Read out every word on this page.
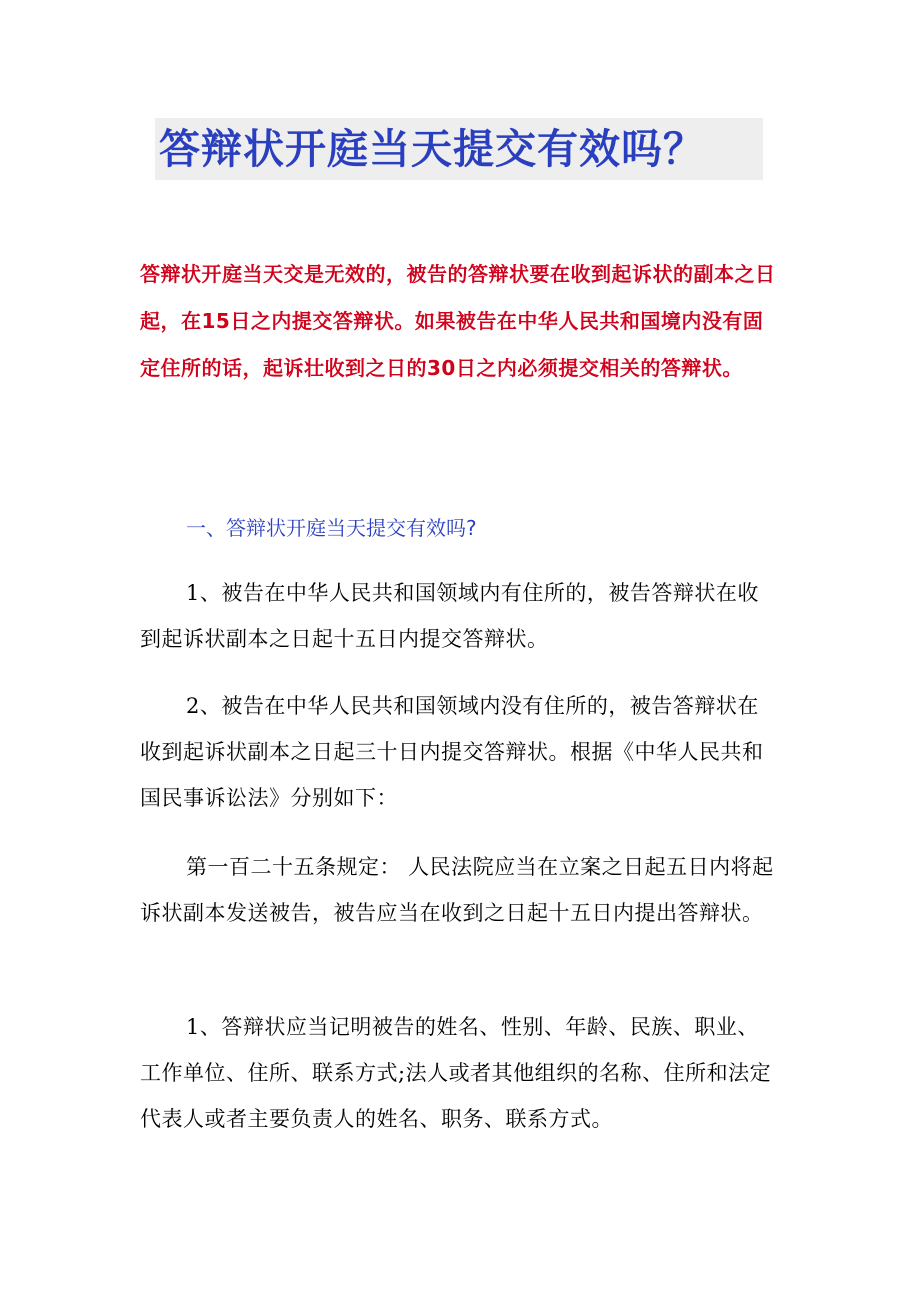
答辩状开庭当天提交有效吗？
答辩状开庭当天交是无效的，被告的答辩状要在收到起诉状的副本之日起，在15日之内提交答辩状。如果被告在中华人民共和国境内没有固定住所的话，起诉壮收到之日的30日之内必须提交相关的答辩状。
一、答辩状开庭当天提交有效吗?
1、被告在中华人民共和国领域内有住所的，被告答辩状在收到起诉状副本之日起十五日内提交答辩状。
2、被告在中华人民共和国领域内没有住所的，被告答辩状在收到起诉状副本之日起三十日内提交答辩状。根据《中华人民共和国民事诉讼法》分别如下：
第一百二十五条规定： 人民法院应当在立案之日起五日内将起诉状副本发送被告，被告应当在收到之日起十五日内提出答辩状。
1、答辩状应当记明被告的姓名、性别、年龄、民族、职业、工作单位、住所、联系方式;法人或者其他组织的名称、住所和法定代表人或者主要负责人的姓名、职务、联系方式。
